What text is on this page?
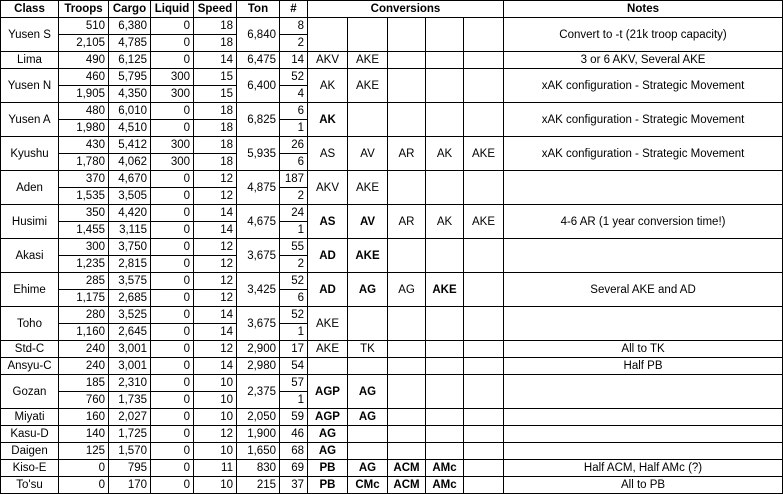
Class	Troops	Cargo	Liquid	Speed	Ton	#	Conversions					Notes
Yusen S	510	6,380	0	18	6,840	8						Convert to -t (21k troop capacity)
	2,105	4,785	0	18		2						
Lima	490	6,125	0	14	6,475	14	AKV	AKE				3 or 6 AKV, Several AKE
Yusen N	460	5,795	300	15	6,400	52	AK	AKE				xAK configuration - Strategic Movement
	1,905	4,350	300	15		4						
Yusen A	480	6,010	0	18	6,825	6	AK					xAK configuration - Strategic Movement
	1,980	4,510	0	18		1						
Kyushu	430	5,412	300	18	5,935	26	AS	AV	AR	AK	AKE	xAK configuration - Strategic Movement
	1,780	4,062	300	18		6						
Aden	370	4,670	0	12	4,875	187	AKV	AKE				
	1,535	3,505	0	12		2						
Husimi	350	4,420	0	14	4,675	24	AS	AV	AR	AK	AKE	4-6 AR (1 year conversion time!)
	1,455	3,115	0	14		1						
Akasi	300	3,750	0	12	3,675	55	AD	AKE				
	1,235	2,815	0	12		2						
Ehime	285	3,575	0	12	3,425	52	AD	AG	AG	AKE		Several AKE and AD
	1,175	2,685	0	12		6						
Toho	280	3,525	0	14	3,675	52	AKE					
	1,160	2,645	0	14		1						
Std-C	240	3,001	0	12	2,900	17	AKE	TK				All to TK
Ansyu-C	240	3,001	0	14	2,980	54						Half PB
Gozan	185	2,310	0	10	2,375	57	AGP	AG				
	760	1,735	0	10		1						
Miyati	160	2,027	0	10	2,050	59	AGP	AG				
Kasu-D	140	1,725	0	12	1,900	46	AG					
Daigen	125	1,570	0	10	1,650	68	AG					
Kiso-E	0	795	0	11	830	69	PB	AG	ACM	AMc		Half ACM, Half AMc (?)
To'su	0	170	0	10	215	37	PB	CMc	ACM	AMc		All to PB
